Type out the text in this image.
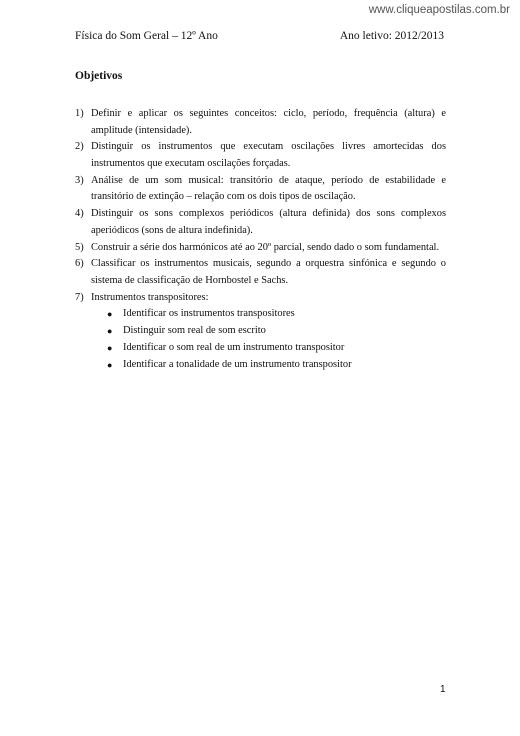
www.cliqueapostilas.com.br
Física do Som Geral – 12º Ano	Ano letivo: 2012/2013
Objetivos
1) Definir e aplicar os seguintes conceitos: ciclo, período, frequência (altura) e amplitude (intensidade).
2) Distinguir os instrumentos que executam oscilações livres amortecidas dos instrumentos que executam oscilações forçadas.
3) Análise de um som musical: transitório de ataque, período de estabilidade e transitório de extinção – relação com os dois tipos de oscilação.
4) Distinguir os sons complexos periódicos (altura definida) dos sons complexos aperiódicos (sons de altura indefinida).
5) Construir a série dos harmónicos até ao 20º parcial, sendo dado o som fundamental.
6) Classificar os instrumentos musicais, segundo a orquestra sinfónica e segundo o sistema de classificação de Hornbostel e Sachs.
7) Instrumentos transpositores:
●	Identificar os instrumentos transpositores
●	Distinguir som real de som escrito
●	Identificar o som real de um instrumento transpositor
●	Identificar a tonalidade de um instrumento transpositor
1
